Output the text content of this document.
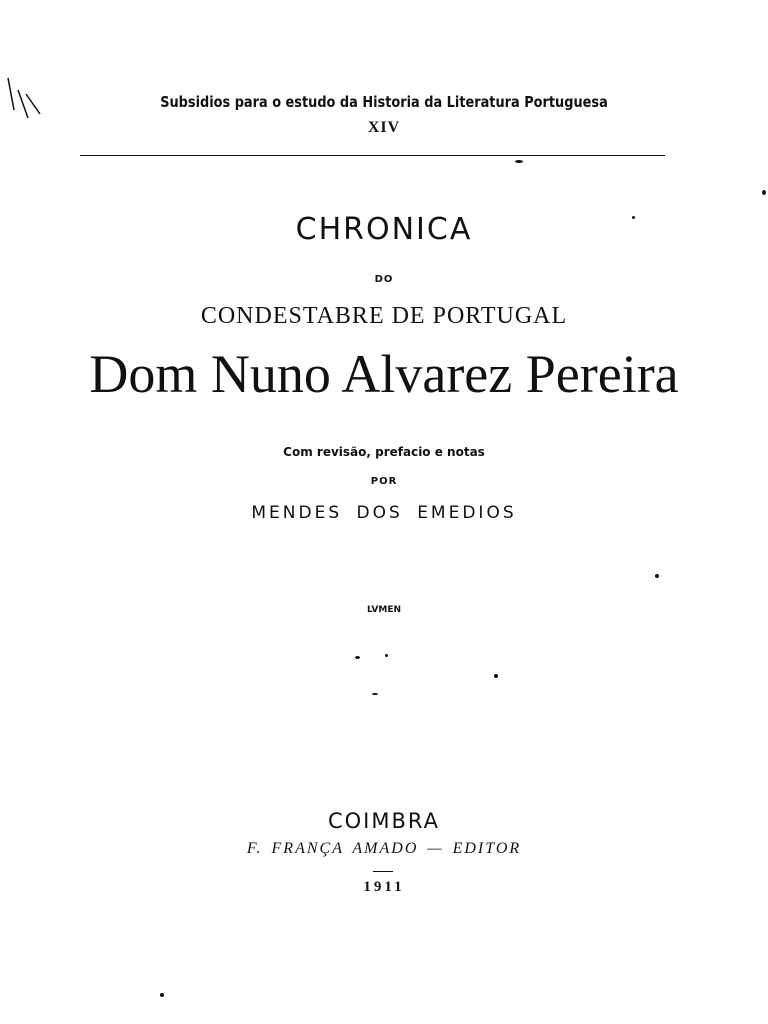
Subsidios para o estudo da Historia da Literatura Portuguesa
XIV
CHRONICA
DO
CONDESTABRE DE PORTUGAL
Dom Nuno Alvarez Pereira
Com revisão, prefacio e notas
POR
MENDES DOS EMEDIOS
LVMEN
COIMBRA
F. FRANÇA AMADO — EDITOR
1911
